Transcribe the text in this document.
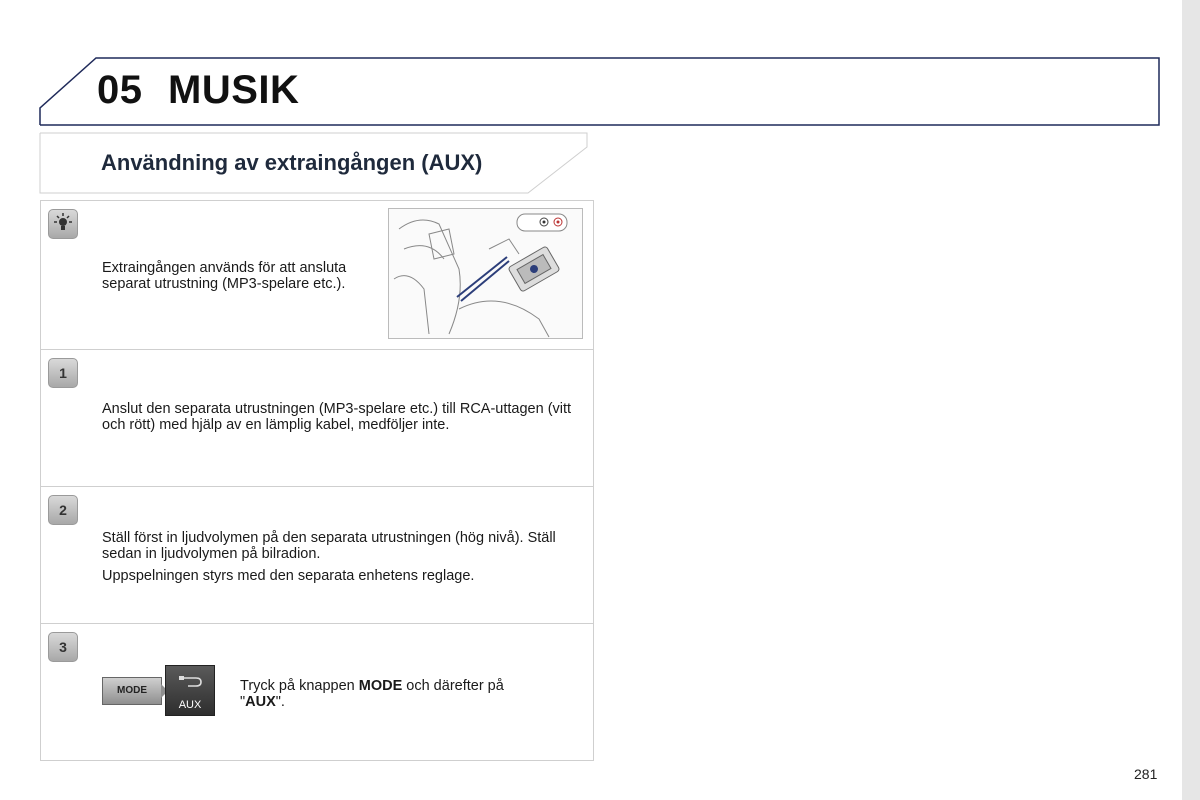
05 MUSIK
Användning av extraingången (AUX)

Extraingången används för att ansluta separat utrustning (MP3-spelare etc.).

1

Anslut den separata utrustningen (MP3-spelare etc.) till RCA-uttagen (vitt och rött) med hjälp av en lämplig kabel, medföljer inte.

2

Ställ först in ljudvolymen på den separata utrustningen (hög nivå). Ställ sedan in ljudvolymen på bilradion.

Uppspelningen styrs med den separata enhetens reglage.

3
Tryck på knappen MODE och därefter på "AUX".
MODE
AUX
281
